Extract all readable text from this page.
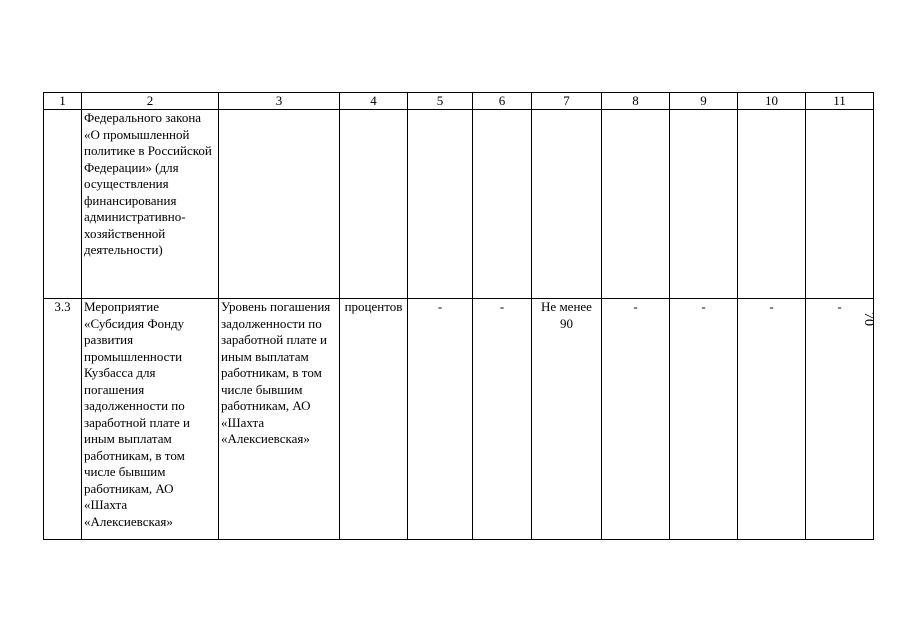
1	2	3	4	5	6	7	8	9	10	11
	Федерального закона «О промышленной политике в Российской Федерации» (для осуществления финансирования административно-хозяйственной деятельности)									
3.3	Мероприятие «Субсидия Фонду развития промышленности Кузбасса для погашения задолженности по заработной плате и иным выплатам работникам, в том числе бывшим работникам, АО «Шахта «Алексиевская»	Уровень погашения задолженности по заработной плате и иным выплатам работникам, в том числе бывшим работникам, АО «Шахта «Алексиевская»	процентов	-	-	Не менее 90	-	-	-	-
70
